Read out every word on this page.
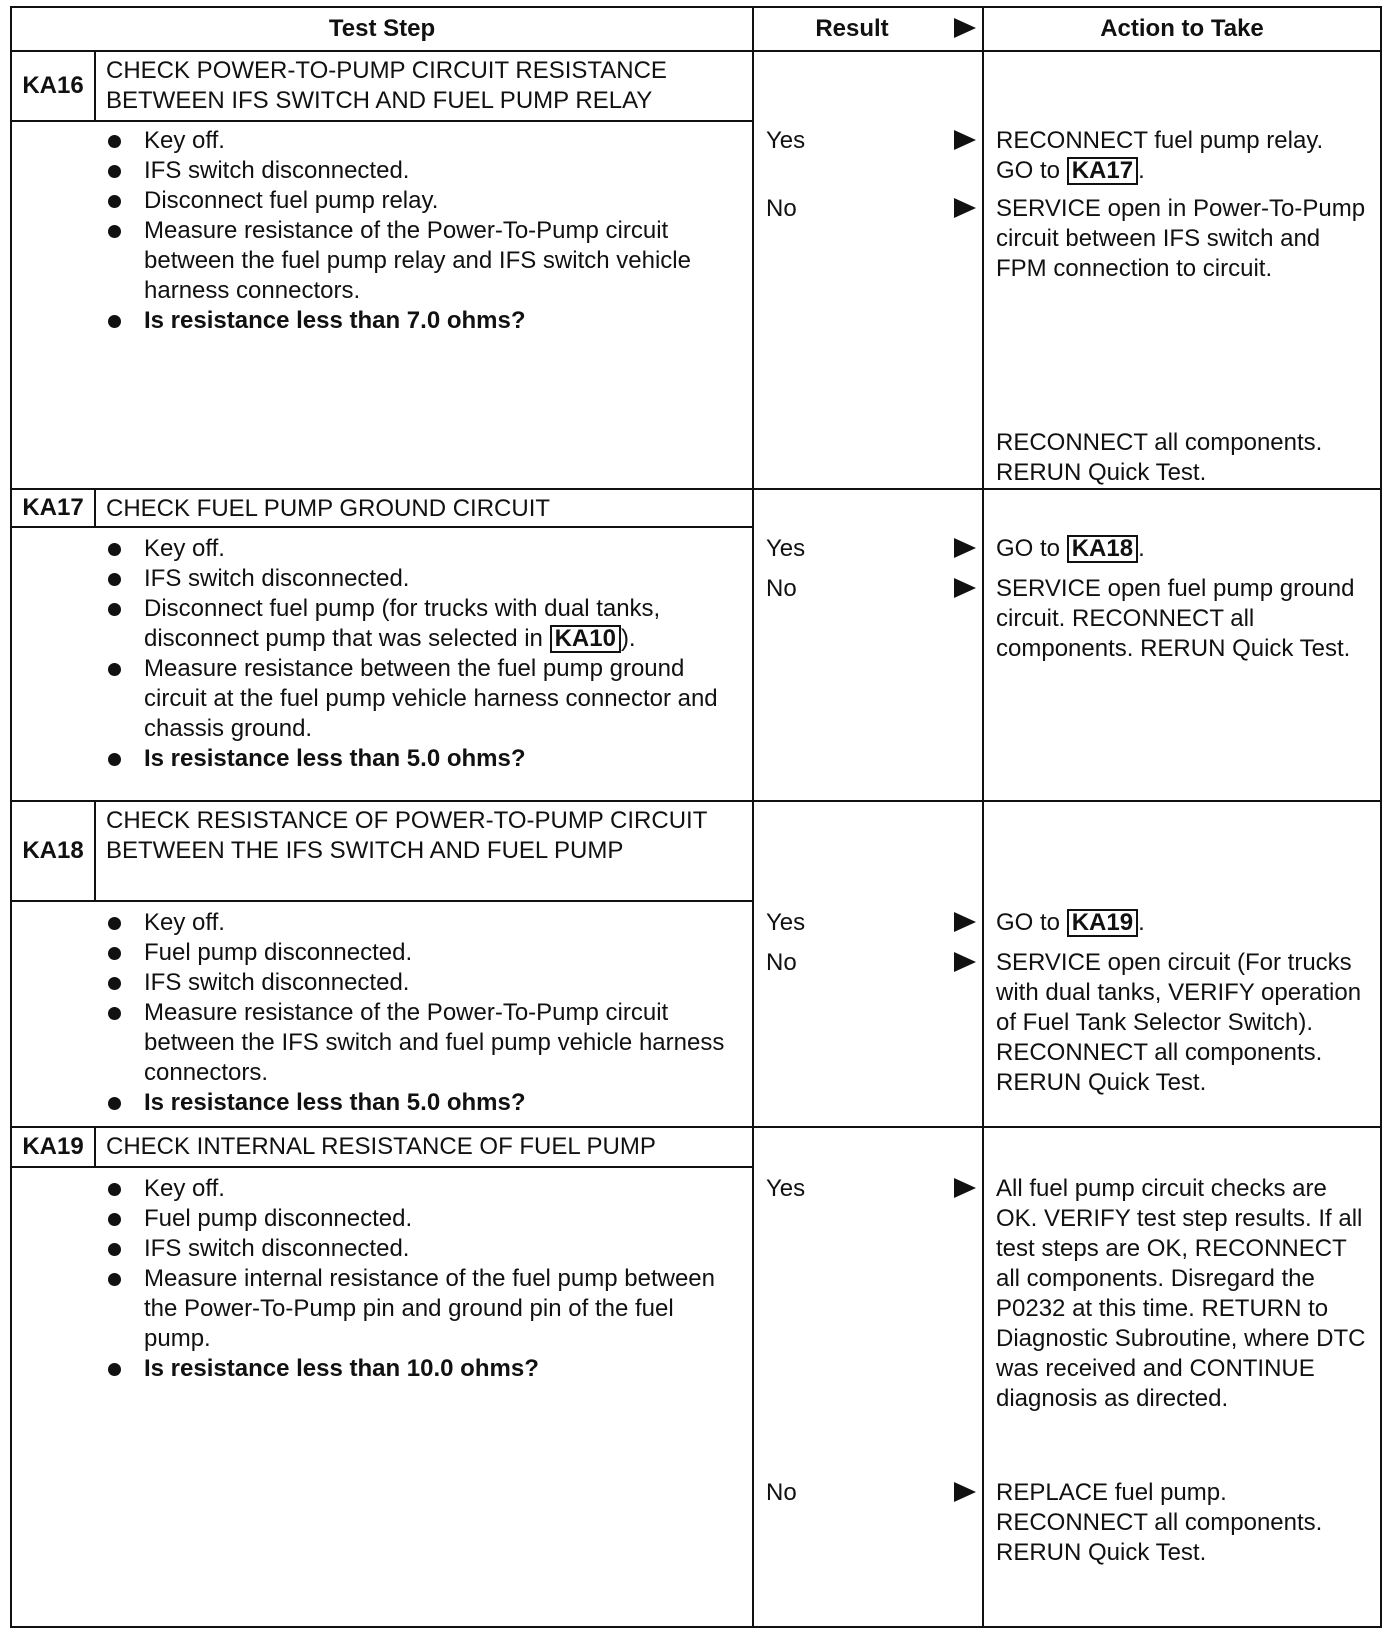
Test Step	Result	Action to Take
KA16
CHECK POWER-TO-PUMP CIRCUIT RESISTANCE BETWEEN IFS SWITCH AND FUEL PUMP RELAY
Key off.
IFS switch disconnected.
Disconnect fuel pump relay.
Measure resistance of the Power-To-Pump circuit between the fuel pump relay and IFS switch vehicle harness connectors.
Is resistance less than 7.0 ohms?
Yes	RECONNECT fuel pump relay.
GO to KA17 .
No	SERVICE open in Power-To-Pump circuit between IFS switch and FPM connection to circuit.
RECONNECT all components. RERUN Quick Test.
KA17 CHECK FUEL PUMP GROUND CIRCUIT
Key off.
IFS switch disconnected.
Disconnect fuel pump (for trucks with dual tanks, disconnect pump that was selected in KA10 ).
Measure resistance between the fuel pump ground circuit at the fuel pump vehicle harness connector and chassis ground.
Is resistance less than 5.0 ohms?
Yes	GO to KA18 .
No	SERVICE open fuel pump ground circuit. RECONNECT all components. RERUN Quick Test.
KA18
CHECK RESISTANCE OF POWER-TO-PUMP CIRCUIT BETWEEN THE IFS SWITCH AND FUEL PUMP
Key off.
Fuel pump disconnected.
IFS switch disconnected.
Measure resistance of the Power-To-Pump circuit between the IFS switch and fuel pump vehicle harness connectors.
Is resistance less than 5.0 ohms?
Yes	GO to KA19 .
No	SERVICE open circuit (For trucks with dual tanks, VERIFY operation of Fuel Tank Selector Switch). RECONNECT all components. RERUN Quick Test.
KA19 CHECK INTERNAL RESISTANCE OF FUEL PUMP
Key off.
Fuel pump disconnected.
IFS switch disconnected.
Measure internal resistance of the fuel pump between the Power-To-Pump pin and ground pin of the fuel pump.
Is resistance less than 10.0 ohms?
Yes	All fuel pump circuit checks are OK. VERIFY test step results. If all test steps are OK, RECONNECT all components. Disregard the P0232 at this time. RETURN to Diagnostic Subroutine, where DTC was received and CONTINUE diagnosis as directed.
No	REPLACE fuel pump. RECONNECT all components. RERUN Quick Test.
